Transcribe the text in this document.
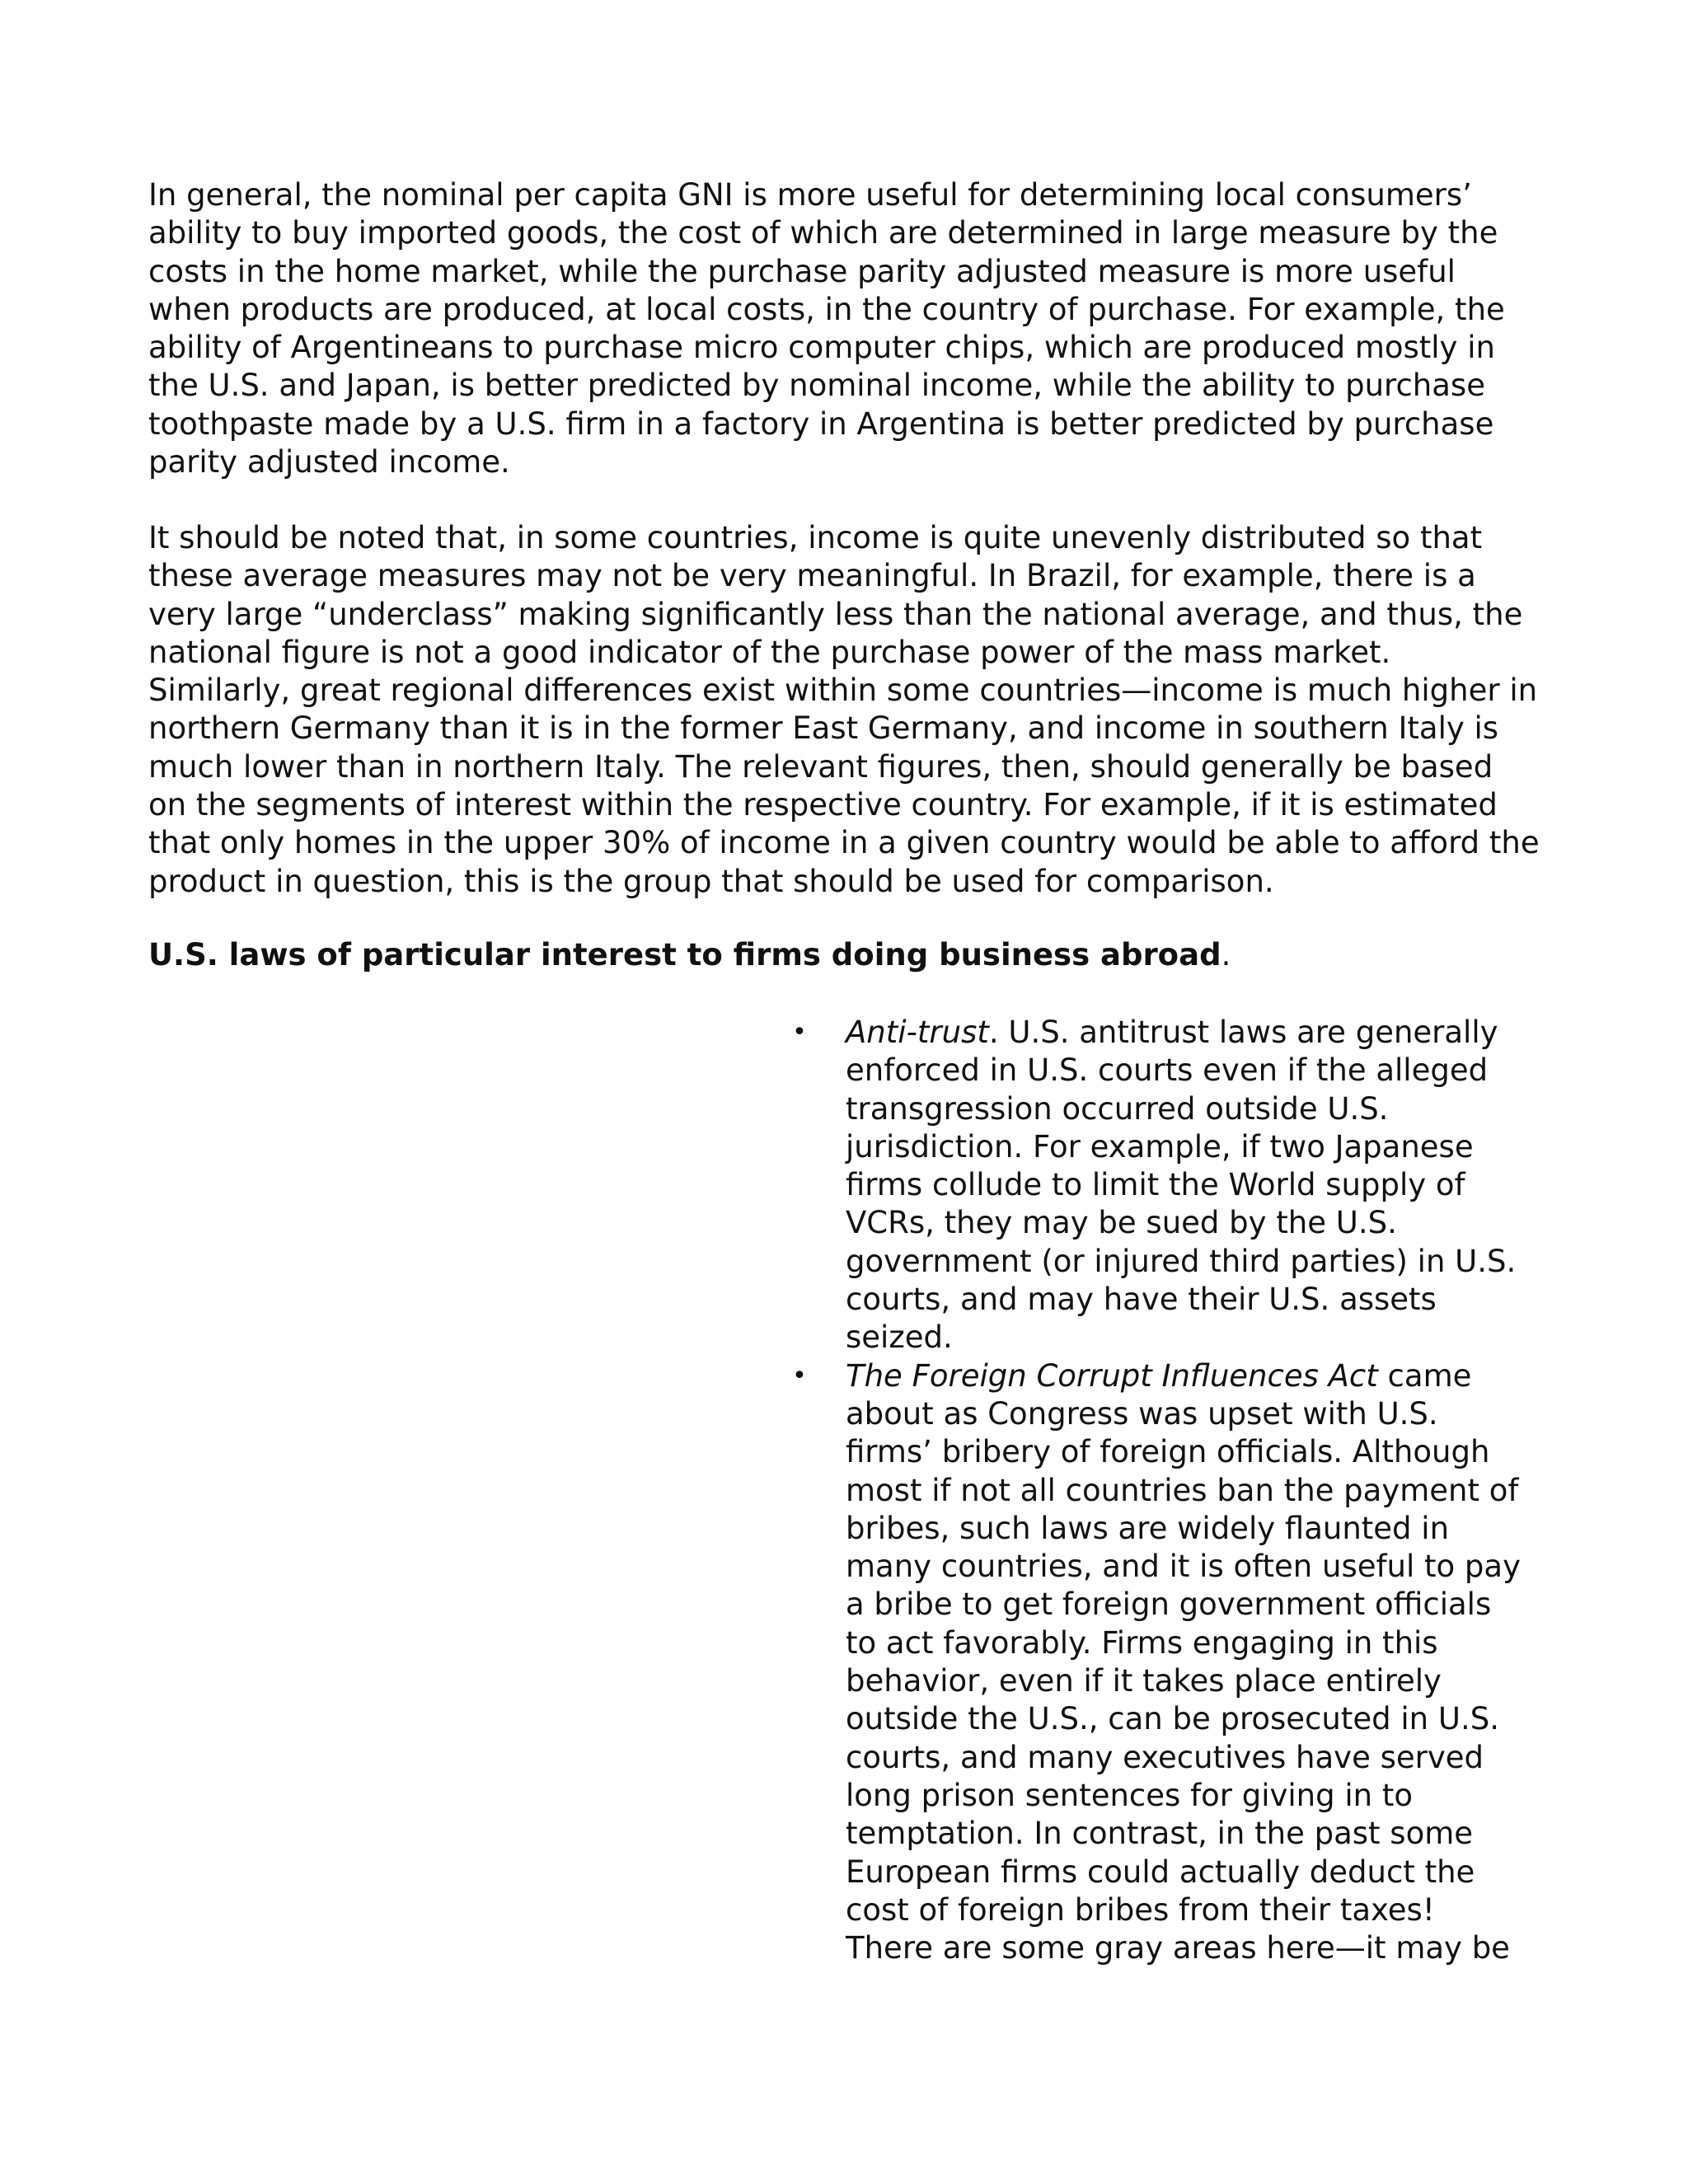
In general, the nominal per capita GNI is more useful for determining local consumers’
ability to buy imported goods, the cost of which are determined in large measure by the
costs in the home market, while the purchase parity adjusted measure is more useful
when products are produced, at local costs, in the country of purchase. For example, the
ability of Argentineans to purchase micro computer chips, which are produced mostly in
the U.S. and Japan, is better predicted by nominal income, while the ability to purchase
toothpaste made by a U.S. firm in a factory in Argentina is better predicted by purchase
parity adjusted income.

It should be noted that, in some countries, income is quite unevenly distributed so that
these average measures may not be very meaningful. In Brazil, for example, there is a
very large “underclass” making significantly less than the national average, and thus, the
national figure is not a good indicator of the purchase power of the mass market.
Similarly, great regional differences exist within some countries—income is much higher in
northern Germany than it is in the former East Germany, and income in southern Italy is
much lower than in northern Italy. The relevant figures, then, should generally be based
on the segments of interest within the respective country. For example, if it is estimated
that only homes in the upper 30% of income in a given country would be able to afford the
product in question, this is the group that should be used for comparison.

U.S. laws of particular interest to firms doing business abroad.

• Anti-trust. U.S. antitrust laws are generally
enforced in U.S. courts even if the alleged
transgression occurred outside U.S.
jurisdiction. For example, if two Japanese
firms collude to limit the World supply of
VCRs, they may be sued by the U.S.
government (or injured third parties) in U.S.
courts, and may have their U.S. assets
seized.
• The Foreign Corrupt Influences Act came
about as Congress was upset with U.S.
firms’ bribery of foreign officials. Although
most if not all countries ban the payment of
bribes, such laws are widely flaunted in
many countries, and it is often useful to pay
a bribe to get foreign government officials
to act favorably. Firms engaging in this
behavior, even if it takes place entirely
outside the U.S., can be prosecuted in U.S.
courts, and many executives have served
long prison sentences for giving in to
temptation. In contrast, in the past some
European firms could actually deduct the
cost of foreign bribes from their taxes!
There are some gray areas here—it may be
